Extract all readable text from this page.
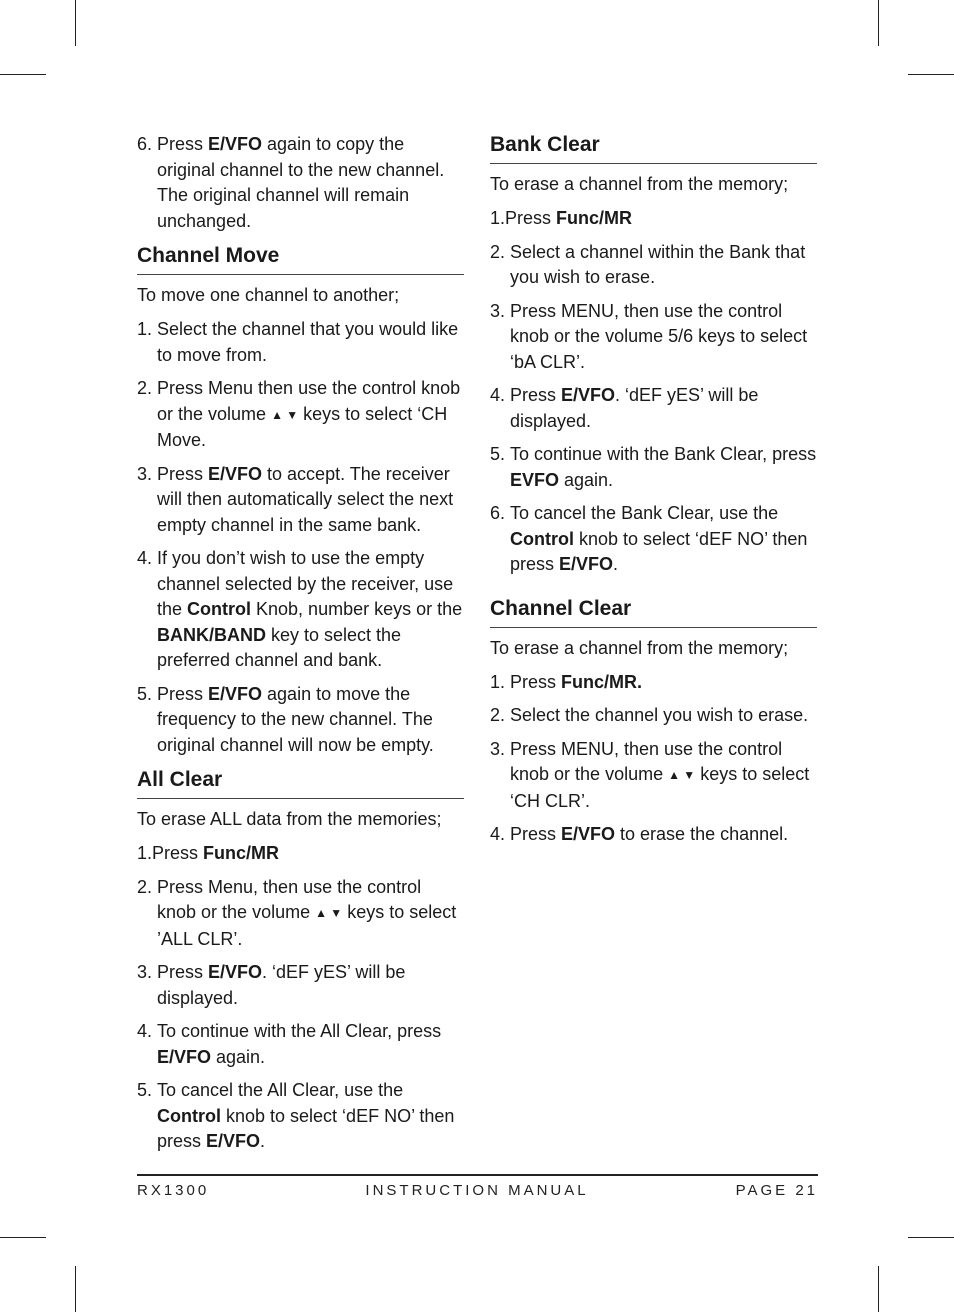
6. Press E/VFO again to copy the original channel to the new channel. The original channel will remain unchanged.
Channel Move

To move one channel to another;

1. Select the channel that you would like to move from.
2. Press Menu then use the control knob or the volume ▲ ▼ keys to select ‘CH Move.
3. Press E/VFO to accept. The receiver will then automatically select the next empty channel in the same bank.
4. If you don’t wish to use the empty channel selected by the receiver, use the Control Knob, number keys or the BANK/BAND key to select the preferred channel and bank.
5. Press E/VFO again to move the frequency to the new channel. The original channel will now be empty.
All Clear

To erase ALL data from the memories;

1.Press Func/MR
2. Press Menu, then use the control knob or the volume ▲ ▼ keys to select ’ALL CLR’.
3. Press E/VFO. ‘dEF yES’ will be displayed.
4. To continue with the All Clear, press E/VFO again.
5. To cancel the All Clear, use the Control knob to select ‘dEF NO’ then press E/VFO.
Bank Clear

To erase a channel from the memory;

1.Press Func/MR
2. Select a channel within the Bank that you wish to erase.
3. Press MENU, then use the control knob or the volume 5/6 keys to select ‘bA CLR’.
4. Press E/VFO. ‘dEF yES’ will be displayed.
5. To continue with the Bank Clear, press EVFO again.
6. To cancel the Bank Clear, use the Control knob to select ‘dEF NO’ then press E/VFO.
Channel Clear

To erase a channel from the memory;

1. Press Func/MR.
2. Select the channel you wish to erase.
3. Press MENU, then use the control knob or the volume ▲ ▼ keys to select ‘CH CLR’.
4. Press E/VFO to erase the channel.
RX1300	INSTRUCTION MANUAL	PAGE 21
